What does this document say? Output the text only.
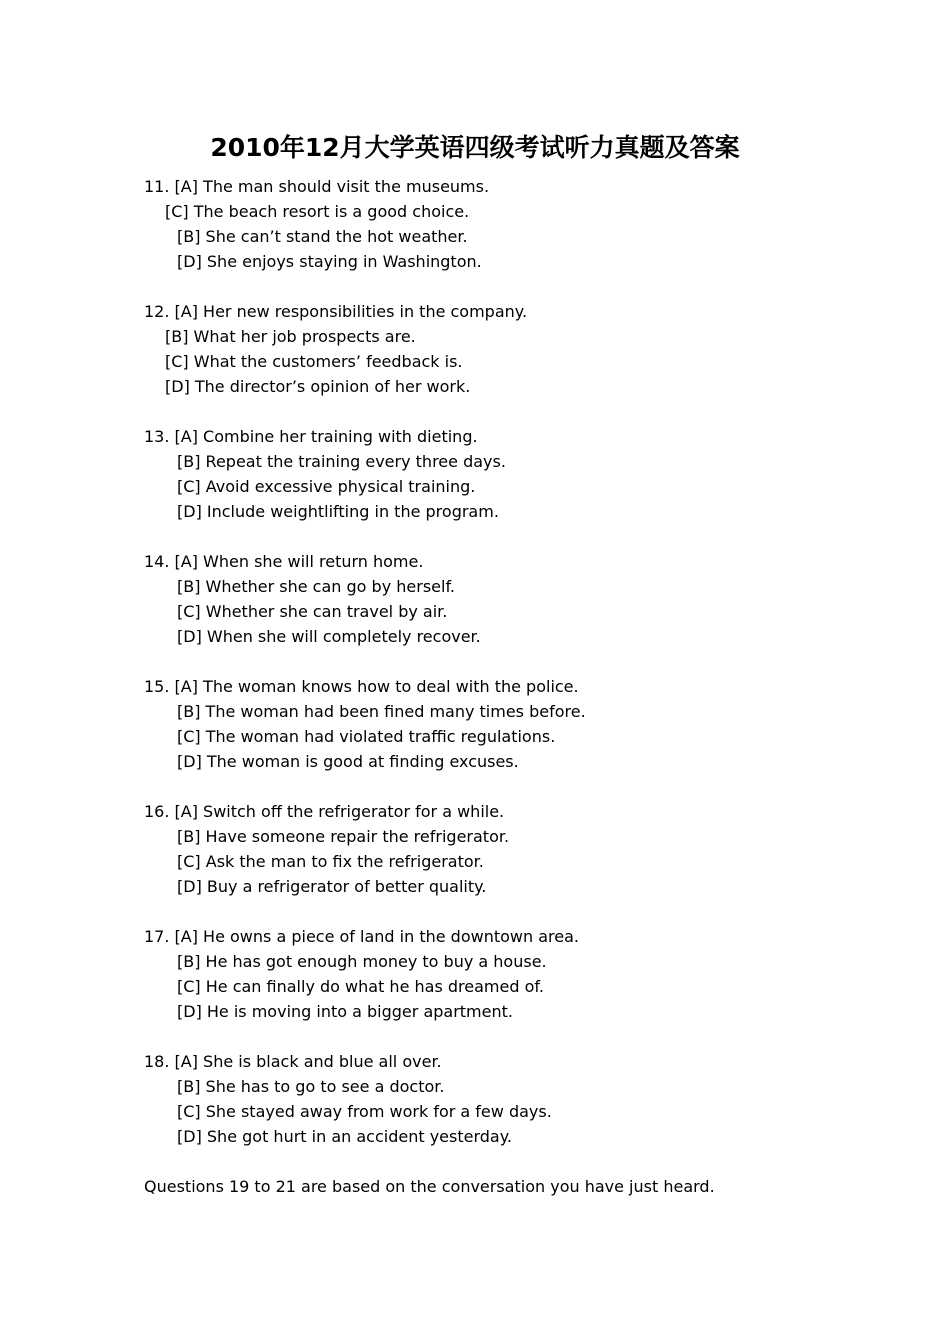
2010年12月大学英语四级考试听力真题及答案
11. [A] The man should visit the museums.
[C] The beach resort is a good choice.
[B] She can’t stand the hot weather.
[D] She enjoys staying in Washington.
12. [A] Her new responsibilities in the company.
[B] What her job prospects are.
[C] What the customers’ feedback is.
[D] The director’s opinion of her work.
13. [A] Combine her training with dieting.
[B] Repeat the training every three days.
[C] Avoid excessive physical training.
[D] Include weightlifting in the program.
14. [A] When she will return home.
[B] Whether she can go by herself.
[C] Whether she can travel by air.
[D] When she will completely recover.
15. [A] The woman knows how to deal with the police.
[B] The woman had been fined many times before.
[C] The woman had violated traffic regulations.
[D] The woman is good at finding excuses.
16. [A] Switch off the refrigerator for a while.
[B] Have someone repair the refrigerator.
[C] Ask the man to fix the refrigerator.
[D] Buy a refrigerator of better quality.
17. [A] He owns a piece of land in the downtown area.
[B] He has got enough money to buy a house.
[C] He can finally do what he has dreamed of.
[D] He is moving into a bigger apartment.
18. [A] She is black and blue all over.
[B] She has to go to see a doctor.
[C] She stayed away from work for a few days.
[D] She got hurt in an accident yesterday.
Questions 19 to 21 are based on the conversation you have just heard.
